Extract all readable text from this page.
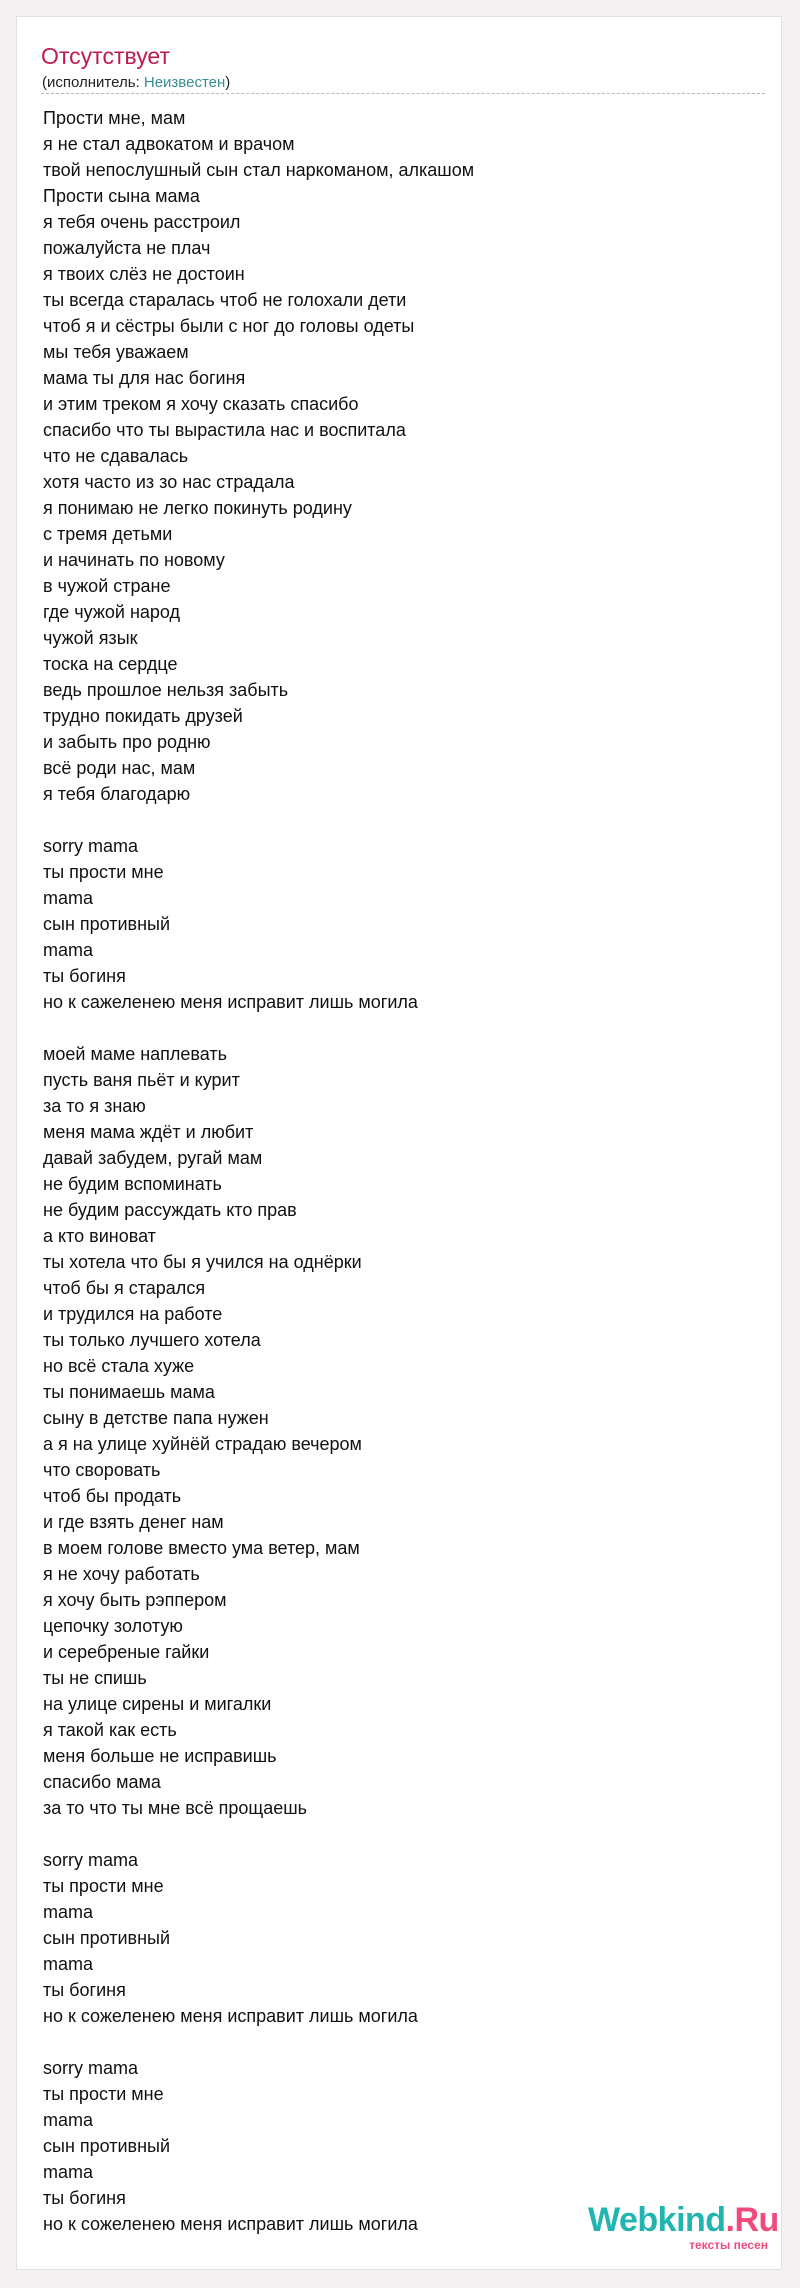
Отсутствует
(исполнитель: Неизвестен)
Прости мне, мам
я не стал адвокатом и врачом
твой непослушный сын стал наркоманом, алкашом
Прости сына мама
я тебя очень расстроил
пожалуйста не плач
я твоих слёз не достоин
ты всегда старалась чтоб не голохали дети
чтоб я и сёстры были с ног до головы одеты
мы тебя уважаем
мама ты для нас богиня
и этим треком я хочу сказать спасибо
спасибо что ты вырастила нас и воспитала
что не сдавалась
хотя часто из зо нас страдала
я понимаю не легко покинуть родину
с тремя детьми
и начинать по новому
в чужой стране
где чужой народ
чужой язык
тоска на сердце
ведь прошлое нельзя забыть
трудно покидать друзей
и забыть про родню
всё роди нас, мам
я тебя благодарю
sorry mama
ты прости мне
mama
сын противный
mama
ты богиня
но к сажеленею меня исправит лишь могила
моей маме наплевать
пусть ваня пьёт и курит
за то я знаю
меня мама ждёт и любит
давай забудем, ругай мам
не будим вспоминать
не будим рассуждать кто прав
а кто виноват
ты хотела что бы я учился на однёрки
чтоб бы я старался
и трудился на работе
ты только лучшего хотела
но всё стала хуже
ты понимаешь мама
сыну в детстве папа нужен
а я на улице хуйнёй страдаю вечером
что своровать
чтоб бы продать
и где взять денег нам
в моем голове вместо ума ветер, мам
я не хочу работать
я хочу быть рэппером
цепочку золотую
и серебреные гайки
ты не спишь
на улице сирены и мигалки
я такой как есть
меня больше не исправишь
спасибо мама
за то что ты мне всё прощаешь
sorry mama
ты прости мне
mama
сын противный
mama
ты богиня
но к сожеленею меня исправит лишь могила
sorry mama
ты прости мне
mama
сын противный
mama
ты богиня
но к сожеленею меня исправит лишь могила	Webkind.Ru
тексты песен
